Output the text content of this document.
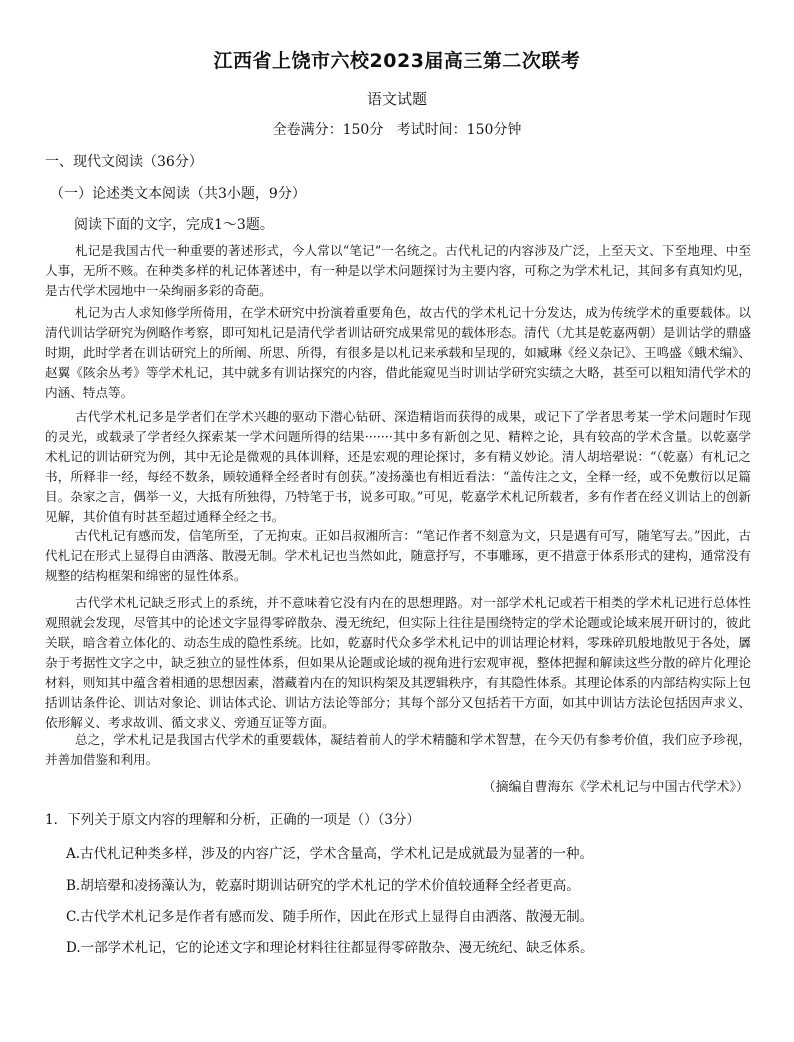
江西省上饶市六校2023届高三第二次联考
语文试题
全卷满分：150分   考试时间：150分钟
一、现代文阅读（36分）
（一）论述类文本阅读（共3小题，9分）
阅读下面的文字，完成1～3题。

札记是我国古代一种重要的著述形式，今人常以“笔记”一名统之。古代札记的内容涉及广泛，上至天文、下至地理、中至人事，无所不赅。在种类多样的札记体著述中，有一种是以学术问题探讨为主要内容，可称之为学术札记，其间多有真知灼见，是古代学术园地中一朵绚丽多彩的奇葩。

札记为古人求知修学所倚用，在学术研究中扮演着重要角色，故古代的学术札记十分发达，成为传统学术的重要载体。以清代训诂学研究为例略作考察，即可知札记是清代学者训诂研究成果常见的载体形态。清代（尤其是乾嘉两朝）是训诂学的鼎盛时期，此时学者在训诂研究上的所阐、所思、所得，有很多是以札记来承载和呈现的，如臧琳《经义杂记》、王鸣盛《蛾术编》、赵翼《陔余丛考》等学术札记，其中就多有训诂探究的内容，借此能窥见当时训诂学研究实绩之大略，甚至可以粗知清代学术的内涵、特点等。

古代学术札记多是学者们在学术兴趣的驱动下潜心钻研、深造精诣而获得的成果，或记下了学者思考某一学术问题时乍现的灵光，或载录了学者经久探索某一学术问题所得的结果·······其中多有新创之见、精粹之论，具有较高的学术含量。以乾嘉学术札记的训诂研究为例，其中无论是微观的具体训释，还是宏观的理论探讨，多有精义妙论。清人胡培翚说：“（乾嘉）有札记之书，所释非一经，每经不数条，顾较通释全经者时有创获。”凌扬藻也有相近看法：“盖传注之文，全释一经，或不免敷衍以足篇目。杂家之言，偶举一义，大抵有所独得，乃特笔于书，说多可取。”可见，乾嘉学术札记所载者，多有作者在经义训诂上的创新见解，其价值有时甚至超过通释全经之书。

古代札记有感而发，信笔所至，了无拘束。正如吕叔湘所言：“笔记作者不刻意为文，只是遇有可写，随笔写去。”因此，古代札记在形式上显得自由洒落、散漫无制。学术札记也当然如此，随意抒写，不事雕琢，更不措意于体系形式的建构，通常没有规整的结构框架和绵密的显性体系。

古代学术札记缺乏形式上的系统，并不意味着它没有内在的思想理路。对一部学术札记或若干相类的学术札记进行总体性观照就会发现，尽管其中的论述文字显得零碎散杂、漫无统纪，但实际上往往是围绕特定的学术论题或论域来展开研讨的，彼此关联，暗含着立体化的、动态生成的隐性系统。比如，乾嘉时代众多学术札记中的训诂理论材料，零珠碎玑般地散见于各处，羼杂于考据性文字之中，缺乏独立的显性体系，但如果从论题或论域的视角进行宏观审视，整体把握和解读这些分散的碎片化理论材料，则知其中蕴含着相通的思想因素，潜藏着内在的知识构架及其逻辑秩序，有其隐性体系。其理论体系的内部结构实际上包括训诂条件论、训诂对象论、训诂体式论、训诂方法论等部分；其每个部分又包括若干方面，如其中训诂方法论包括因声求义、依形解义、考求故训、循文求义、旁通互证等方面。

总之，学术札记是我国古代学术的重要载体，凝结着前人的学术精髓和学术智慧，在今天仍有参考价值，我们应予珍视，并善加借鉴和利用。

（摘编自曹海东《学术札记与中国古代学术》）
1．下列关于原文内容的理解和分析，正确的一项是（）（3分）
A.古代札记种类多样，涉及的内容广泛，学术含量高，学术札记是成就最为显著的一种。
B.胡培翚和凌扬藻认为，乾嘉时期训诂研究的学术札记的学术价值较通释全经者更高。
C.古代学术札记多是作者有感而发、随手所作，因此在形式上显得自由洒落、散漫无制。
D.一部学术札记，它的论述文字和理论材料往往都显得零碎散杂、漫无统纪、缺乏体系。
